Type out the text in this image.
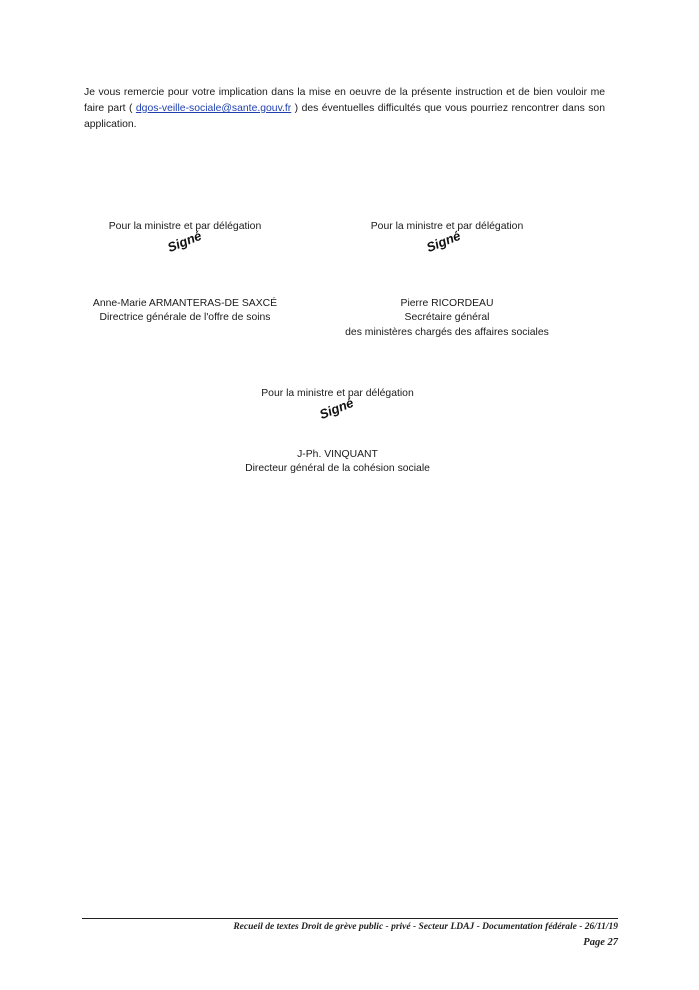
Je vous remercie pour votre implication dans la mise en oeuvre de la présente instruction et de bien vouloir me faire part ( dgos-veille-sociale@sante.gouv.fr ) des éventuelles difficultés que vous pourriez rencontrer dans son application.
Pour la ministre et par délégation
Signé
Anne-Marie ARMANTERAS-DE SAXCÉ
Directrice générale de l'offre de soins
Pour la ministre et par délégation
Signé
Pierre RICORDEAU
Secrétaire général
des ministères chargés des affaires sociales
Pour la ministre et par délégation
Signé
J-Ph. VINQUANT
Directeur général de la cohésion sociale
Recueil de textes Droit de grève public - privé - Secteur LDAJ - Documentation fédérale - 26/11/19
Page 27
